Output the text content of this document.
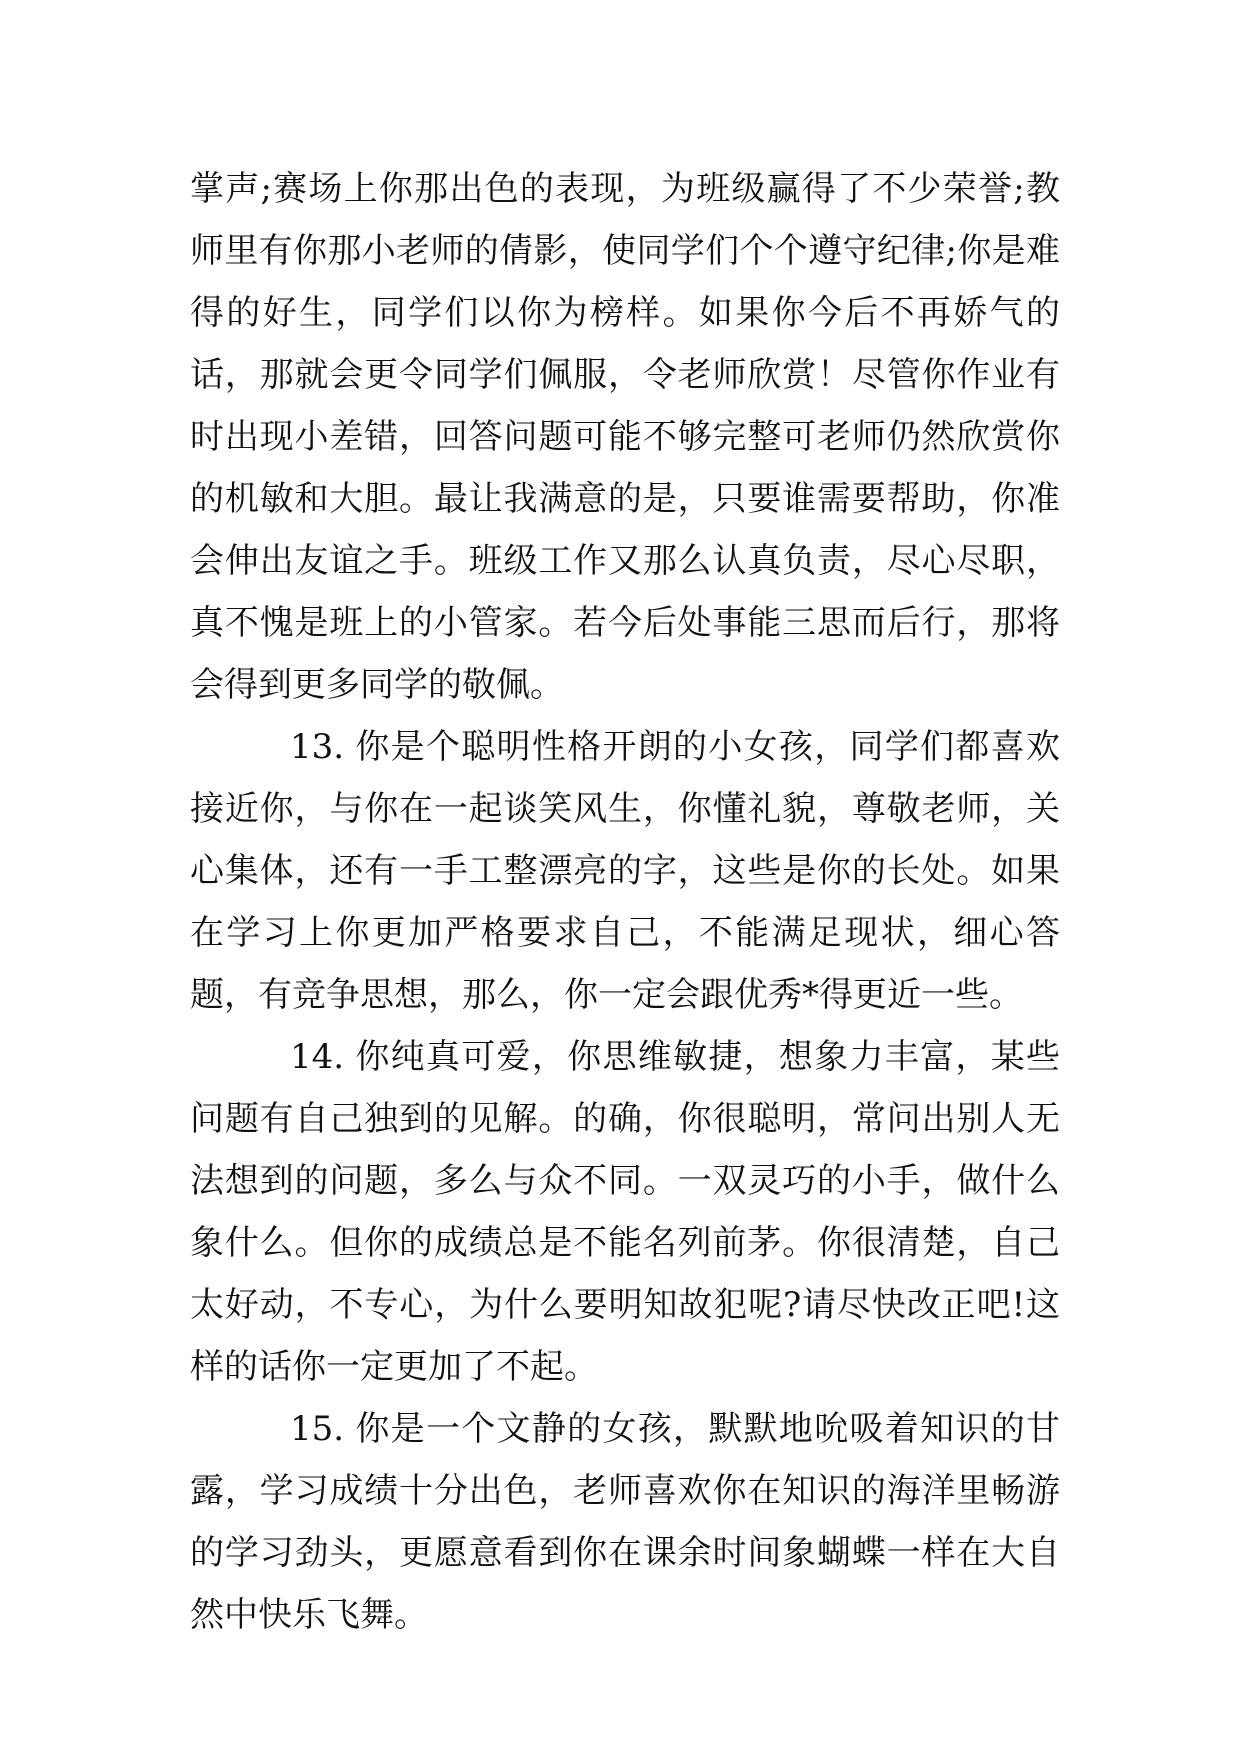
掌声;赛场上你那出色的表现，为班级赢得了不少荣誉;教师里有你那小老师的倩影，使同学们个个遵守纪律;你是难得的好生，同学们以你为榜样。如果你今后不再娇气的话，那就会更令同学们佩服，令老师欣赏！尽管你作业有时出现小差错，回答问题可能不够完整可老师仍然欣赏你的机敏和大胆。最让我满意的是，只要谁需要帮助，你准会伸出友谊之手。班级工作又那么认真负责，尽心尽职，真不愧是班上的小管家。若今后处事能三思而后行，那将会得到更多同学的敬佩。

13. 你是个聪明性格开朗的小女孩，同学们都喜欢接近你，与你在一起谈笑风生，你懂礼貌，尊敬老师，关心集体，还有一手工整漂亮的字，这些是你的长处。如果在学习上你更加严格要求自己，不能满足现状，细心答题，有竞争思想，那么，你一定会跟优秀*得更近一些。

14. 你纯真可爱，你思维敏捷，想象力丰富，某些问题有自己独到的见解。的确，你很聪明，常问出别人无法想到的问题，多么与众不同。一双灵巧的小手，做什么象什么。但你的成绩总是不能名列前茅。你很清楚，自己太好动，不专心，为什么要明知故犯呢?请尽快改正吧!这样的话你一定更加了不起。

15. 你是一个文静的女孩，默默地吮吸着知识的甘露，学习成绩十分出色，老师喜欢你在知识的海洋里畅游的学习劲头，更愿意看到你在课余时间象蝴蝶一样在大自然中快乐飞舞。
